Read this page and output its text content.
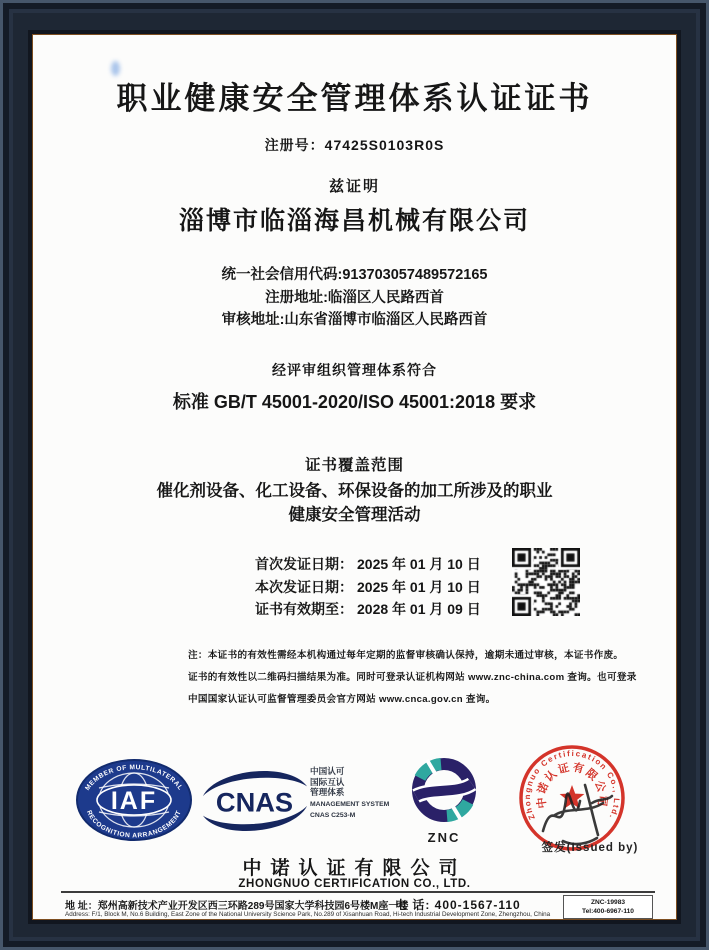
职业健康安全管理体系认证证书
注册号：47425S0103R0S
兹证明
淄博市临淄海昌机械有限公司
统一社会信用代码:913703057489572165
注册地址:临淄区人民路西首
审核地址:山东省淄博市临淄区人民路西首
经评审组织管理体系符合
标准 GB/T 45001-2020/ISO 45001:2018 要求
证书覆盖范围
催化剂设备、化工设备、环保设备的加工所涉及的职业
健康安全管理活动
首次发证日期： 2025 年 01 月 10 日
本次发证日期： 2025 年 01 月 10 日
证书有效期至： 2028 年 01 月 09 日
注：本证书的有效性需经本机构通过每年定期的监督审核确认保持，逾期未通过审核，本证书作废。
证书的有效性以二维码扫描结果为准。同时可登录认证机构网站 www.znc-china.com 查询。也可登录
中国国家认证认可监督管理委员会官方网站 www.cnca.gov.cn 查询。
IAF
MEMBER OF MULTILATERAL
RECOGNITION ARRANGEMENT CNAS
中国认可
国际互认
管理体系
MANAGEMENT SYSTEM
CNAS C253-M
ZNC
Zhongnuo Certification Co., Ltd.
中诺认证有限公司
签发(Issued by)
中诺认证有限公司
ZHONGNUO CERTIFICATION CO., LTD.
地 址：郑州高新技术产业开发区西三环路289号国家大学科技园6号楼M座一楼
电 话: 400-1567-110
Address: F/1, Block M, No.6 Building, East Zone of the National University Science Park, No.289 of Xisanhuan Road, Hi-tech Industrial Development Zone, Zhengzhou, China
ZNC-19983
Tel:400-6967-110
